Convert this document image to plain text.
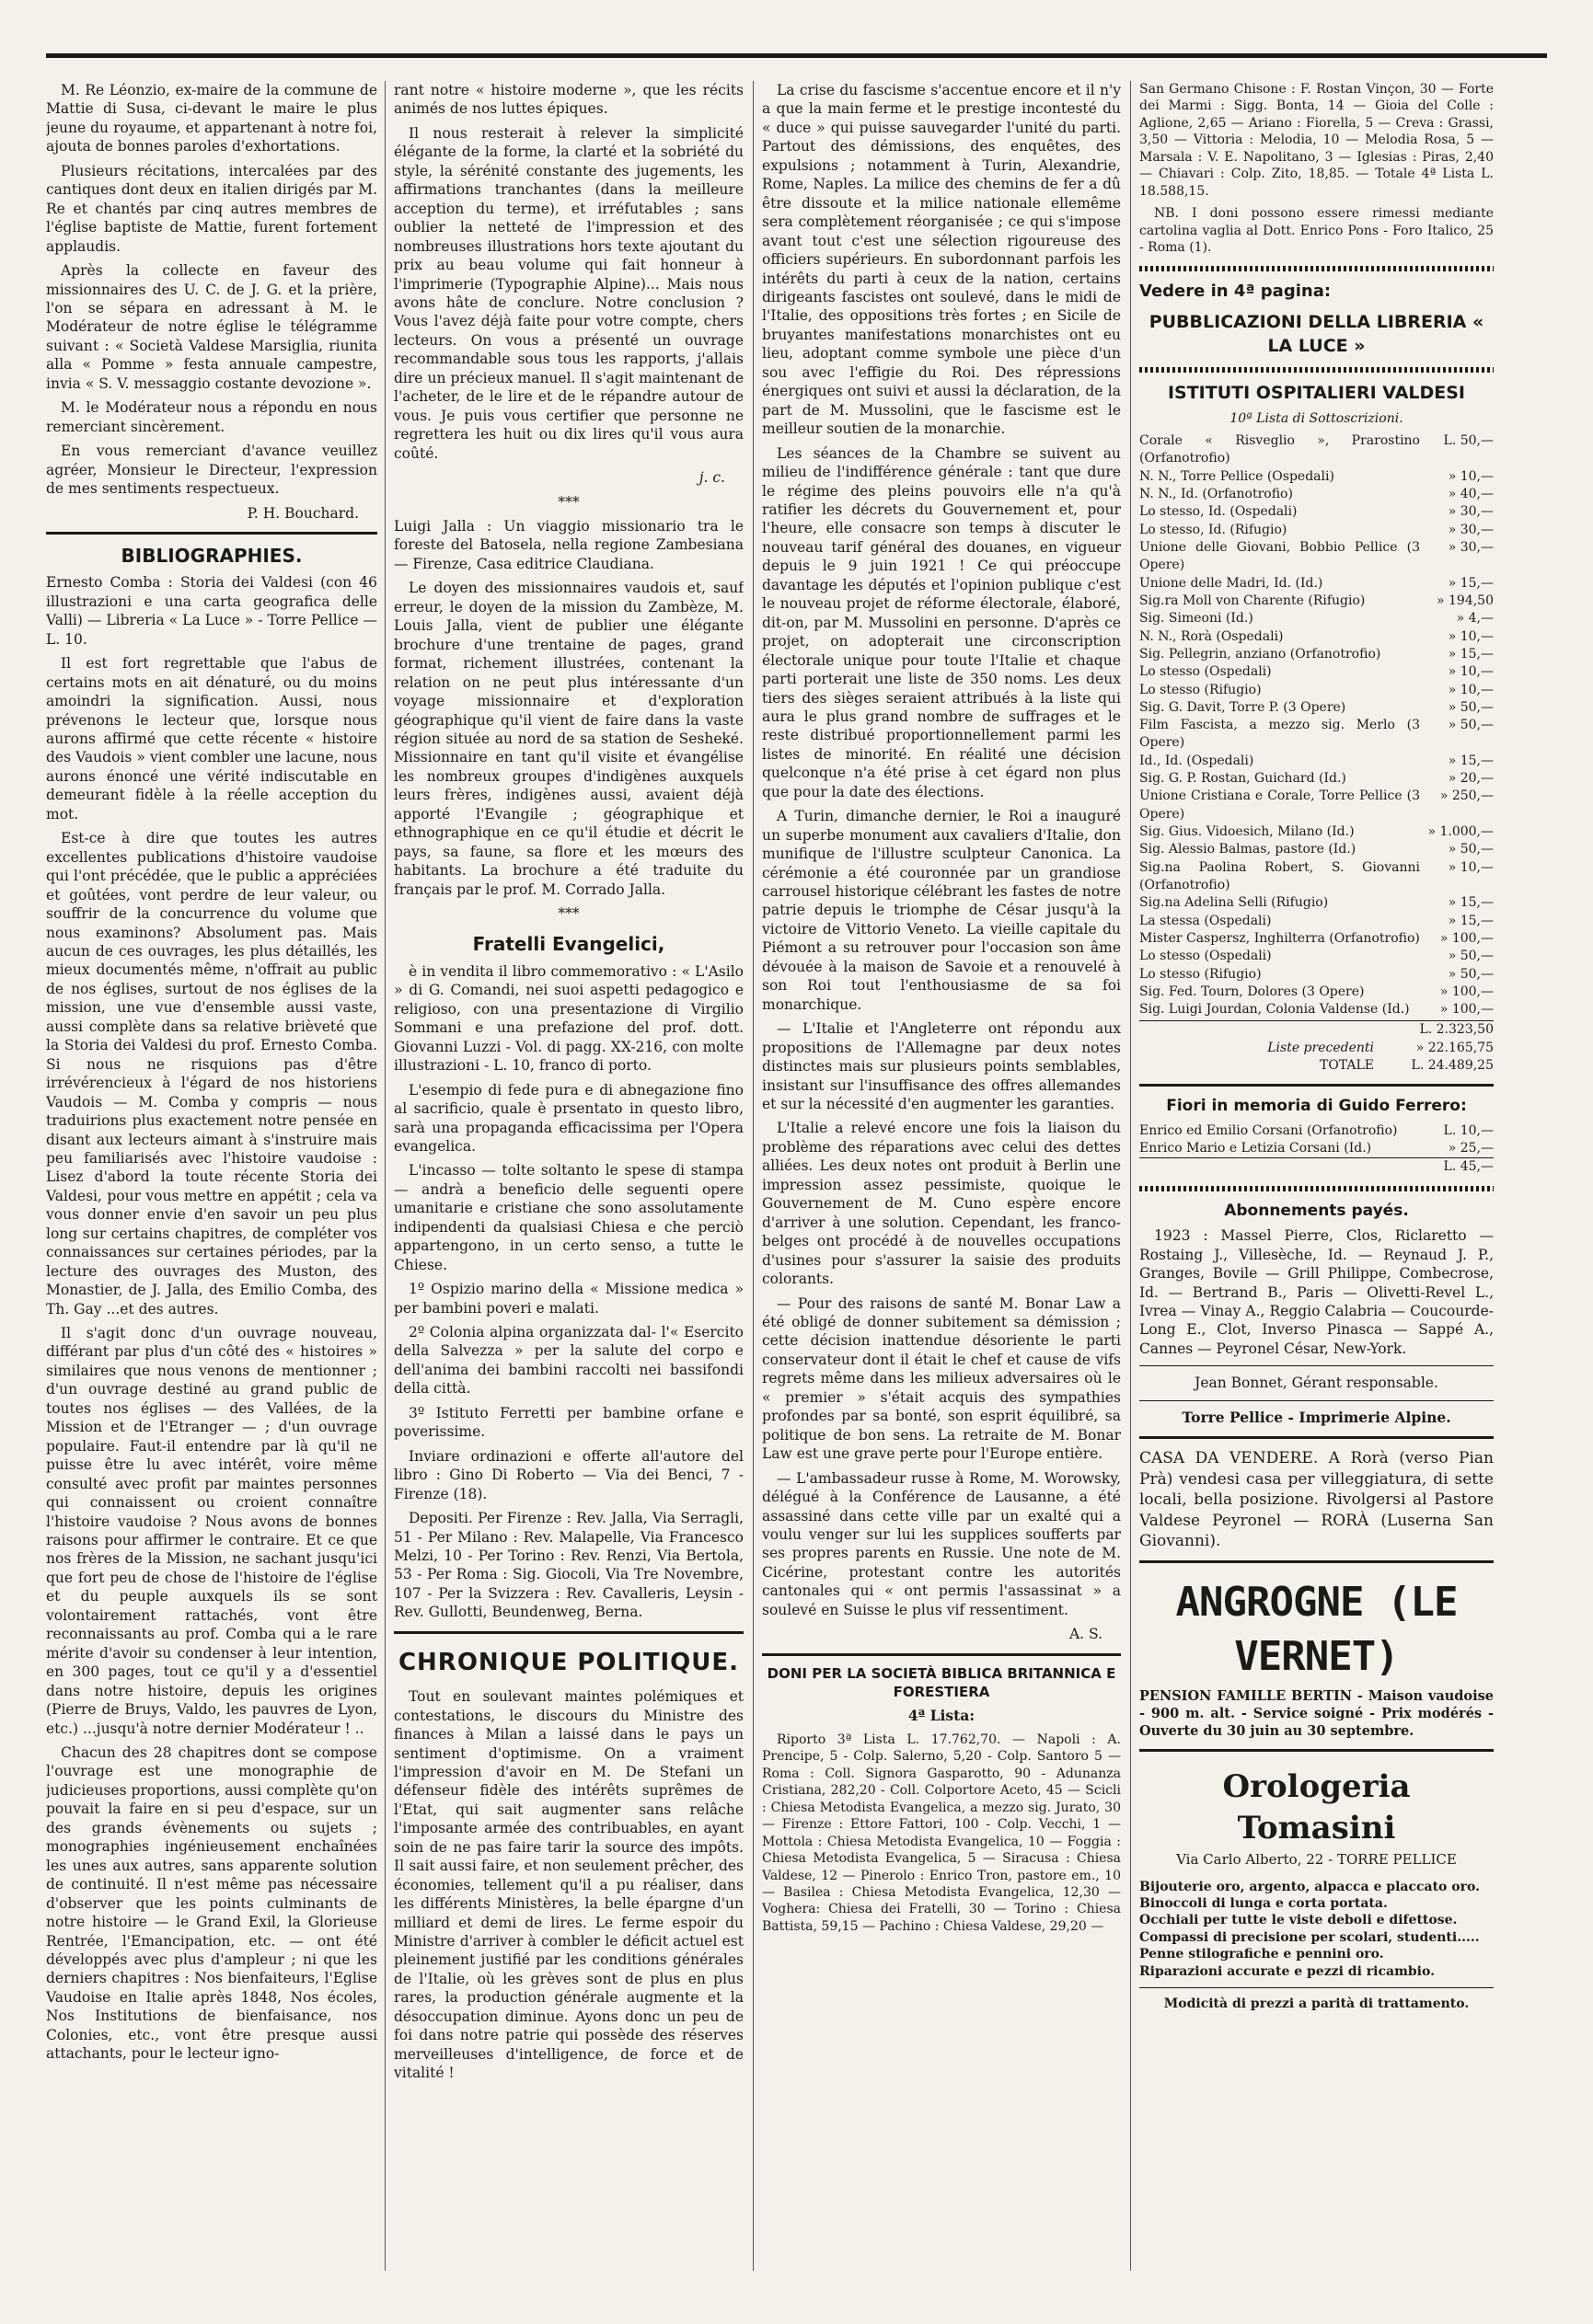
M. Re Léonzio, ex-maire de la commune de Mattie di Susa, ci-devant le maire le plus jeune du royaume, et appartenant à notre foi, ajouta de bonnes paroles d'exhortations.

Plusieurs récitations, intercalées par des cantiques dont deux en italien dirigés par M. Re et chantés par cinq autres membres de l'église baptiste de Mattie, furent fortement applaudis.

Après la collecte en faveur des missionnaires des U. C. de J. G. et la prière, l'on se sépara en adressant à M. le Modérateur de notre église le télégramme suivant : « Società Valdese Marsiglia, riunita alla « Pomme » festa annuale campestre, invia « S. V. messaggio costante devozione ».

M. le Modérateur nous a répondu en nous remerciant sincèrement.

En vous remerciant d'avance veuillez agréer, Monsieur le Directeur, l'expression de mes sentiments respectueux.

P. H. Bouchard.

BIBLIOGRAPHIES.

Ernesto Comba : Storia dei Valdesi (con 46 illustrazioni e una carta geografica delle Valli) — Libreria « La Luce » - Torre Pellice — L. 10.

Il est fort regrettable que l'abus de certains mots en ait dénaturé, ou du moins amoindri la signification. Aussi, nous prévenons le lecteur que, lorsque nous aurons affirmé que cette récente « histoire des Vaudois » vient combler une lacune, nous aurons énoncé une vérité indiscutable en demeurant fidèle à la réelle acception du mot.

Est-ce à dire que toutes les autres excellentes publications d'histoire vaudoise qui l'ont précédée, que le public a appréciées et goûtées, vont perdre de leur valeur, ou souffrir de la concurrence du volume que nous examinons? Absolument pas. Mais aucun de ces ouvrages, les plus détaillés, les mieux documentés même, n'offrait au public de nos églises, surtout de nos églises de la mission, une vue d'ensemble aussi vaste, aussi complète dans sa relative brièveté que la Storia dei Valdesi du prof. Ernesto Comba. Si nous ne risquions pas d'être irrévérencieux à l'égard de nos historiens Vaudois — M. Comba y compris — nous traduirions plus exactement notre pensée en disant aux lecteurs aimant à s'instruire mais peu familiarisés avec l'histoire vaudoise : Lisez d'abord la toute récente Storia dei Valdesi, pour vous mettre en appétit ; cela va vous donner envie d'en savoir un peu plus long sur certains chapitres, de compléter vos connaissances sur certaines périodes, par la lecture des ouvrages des Muston, des Monastier, de J. Jalla, des Emilio Comba, des Th. Gay ...et des autres.

Il s'agit donc d'un ouvrage nouveau, différant par plus d'un côté des « histoires » similaires que nous venons de mentionner ; d'un ouvrage destiné au grand public de toutes nos églises — des Vallées, de la Mission et de l'Etranger — ; d'un ouvrage populaire. Faut-il entendre par là qu'il ne puisse être lu avec intérêt, voire même consulté avec profit par maintes personnes qui connaissent ou croient connaître l'histoire vaudoise ? Nous avons de bonnes raisons pour affirmer le contraire. Et ce que nos frères de la Mission, ne sachant jusqu'ici que fort peu de chose de l'histoire de l'église et du peuple auxquels ils se sont volontairement rattachés, vont être reconnaissants au prof. Comba qui a le rare mérite d'avoir su condenser à leur intention, en 300 pages, tout ce qu'il y a d'essentiel dans notre histoire, depuis les origines (Pierre de Bruys, Valdo, les pauvres de Lyon, etc.) ...jusqu'à notre dernier Modérateur ! ..

Chacun des 28 chapitres dont se compose l'ouvrage est une monographie de judicieuses proportions, aussi complète qu'on pouvait la faire en si peu d'espace, sur un des grands évènements ou sujets ; monographies ingénieusement enchaînées les unes aux autres, sans apparente solution de continuité. Il n'est même pas nécessaire d'observer que les points culminants de notre histoire — le Grand Exil, la Glorieuse Rentrée, l'Emancipation, etc. — ont été développés avec plus d'ampleur ; ni que les derniers chapitres : Nos bienfaiteurs, l'Eglise Vaudoise en Italie après 1848, Nos écoles, Nos Institutions de bienfaisance, nos Colonies, etc., vont être presque aussi attachants, pour le lecteur igno-

rant notre « histoire moderne », que les récits animés de nos luttes épiques.

Il nous resterait à relever la simplicité élégante de la forme, la clarté et la sobriété du style, la sérénité constante des jugements, les affirmations tranchantes (dans la meilleure acception du terme), et irréfutables ; sans oublier la netteté de l'impression et des nombreuses illustrations hors texte ajoutant du prix au beau volume qui fait honneur à l'imprimerie (Typographie Alpine)... Mais nous avons hâte de conclure. Notre conclusion ? Vous l'avez déjà faite pour votre compte, chers lecteurs. On vous a présenté un ouvrage recommandable sous tous les rapports, j'allais dire un précieux manuel. Il s'agit maintenant de l'acheter, de le lire et de le répandre autour de vous. Je puis vous certifier que personne ne regrettera les huit ou dix lires qu'il vous aura coûté.

j. c.

***

Luigi Jalla : Un viaggio missionario tra le foreste del Batosela, nella regione Zambesiana — Firenze, Casa editrice Claudiana.

Le doyen des missionnaires vaudois et, sauf erreur, le doyen de la mission du Zambèze, M. Louis Jalla, vient de publier une élégante brochure d'une trentaine de pages, grand format, richement illustrées, contenant la relation on ne peut plus intéressante d'un voyage missionnaire et d'exploration géographique qu'il vient de faire dans la vaste région située au nord de sa station de Sesheké. Missionnaire en tant qu'il visite et évangélise les nombreux groupes d'indigènes auxquels leurs frères, indigènes aussi, avaient déjà apporté l'Evangile ; géographique et ethnographique en ce qu'il étudie et décrit le pays, sa faune, sa flore et les mœurs des habitants. La brochure a été traduite du français par le prof. M. Corrado Jalla.

***
Fratelli Evangelici,

è in vendita il libro commemorativo : « L'Asilo » di G. Comandi, nei suoi aspetti pedagogico e religioso, con una presentazione di Virgilio Sommani e una prefazione del prof. dott. Giovanni Luzzi - Vol. di pagg. XX-216, con molte illustrazioni - L. 10, franco di porto.

L'esempio di fede pura e di abnegazione fino al sacrificio, quale è prsentato in questo libro, sarà una propaganda efficacissima per l'Opera evangelica.

L'incasso — tolte soltanto le spese di stampa — andrà a beneficio delle seguenti opere umanitarie e cristiane che sono assolutamente indipendenti da qualsiasi Chiesa e che perciò appartengono, in un certo senso, a tutte le Chiese.

1º Ospizio marino della « Missione medica » per bambini poveri e malati.

2º Colonia alpina organizzata dal- l'« Esercito della Salvezza » per la salute del corpo e dell'anima dei bambini raccolti nei bassifondi della città.

3º Istituto Ferretti per bambine orfane e poverissime.

Inviare ordinazioni e offerte all'autore del libro : Gino Di Roberto — Via dei Benci, 7 - Firenze (18).

Depositi. Per Firenze : Rev. Jalla, Via Serragli, 51 - Per Milano : Rev. Malapelle, Via Francesco Melzi, 10 - Per Torino : Rev. Renzi, Via Bertola, 53 - Per Roma : Sig. Giocoli, Via Tre Novembre, 107 - Per la Svizzera : Rev. Cavalleris, Leysin - Rev. Gullotti, Beundenweg, Berna.

CHRONIQUE POLITIQUE.

Tout en soulevant maintes polémiques et contestations, le discours du Ministre des finances à Milan a laissé dans le pays un sentiment d'optimisme. On a vraiment l'impression d'avoir en M. De Stefani un défenseur fidèle des intérêts suprêmes de l'Etat, qui sait augmenter sans relâche l'imposante armée des contribuables, en ayant soin de ne pas faire tarir la source des impôts. Il sait aussi faire, et non seulement prêcher, des économies, tellement qu'il a pu réaliser, dans les différents Ministères, la belle épargne d'un milliard et demi de lires. Le ferme espoir du Ministre d'arriver à combler le déficit actuel est pleinement justifié par les conditions générales de l'Italie, où les grèves sont de plus en plus rares, la production générale augmente et la désoccupation diminue. Ayons donc un peu de foi dans notre patrie qui possède des réserves merveilleuses d'intelligence, de force et de vitalité !

La crise du fascisme s'accentue encore et il n'y a que la main ferme et le prestige incontesté du « duce » qui puisse sauvegarder l'unité du parti. Partout des démissions, des enquêtes, des expulsions ; notamment à Turin, Alexandrie, Rome, Naples. La milice des chemins de fer a dû être dissoute et la milice nationale ellemême sera complètement réorganisée ; ce qui s'impose avant tout c'est une sélection rigoureuse des officiers supérieurs. En subordonnant parfois les intérêts du parti à ceux de la nation, certains dirigeants fascistes ont soulevé, dans le midi de l'Italie, des oppositions très fortes ; en Sicile de bruyantes manifestations monarchistes ont eu lieu, adoptant comme symbole une pièce d'un sou avec l'effigie du Roi. Des répressions énergiques ont suivi et aussi la déclaration, de la part de M. Mussolini, que le fascisme est le meilleur soutien de la monarchie.

Les séances de la Chambre se suivent au milieu de l'indifférence générale : tant que dure le régime des pleins pouvoirs elle n'a qu'à ratifier les décrets du Gouvernement et, pour l'heure, elle consacre son temps à discuter le nouveau tarif général des douanes, en vigueur depuis le 9 juin 1921 ! Ce qui préoccupe davantage les députés et l'opinion publique c'est le nouveau projet de réforme électorale, élaboré, dit-on, par M. Mussolini en personne. D'après ce projet, on adopterait une circonscription électorale unique pour toute l'Italie et chaque parti porterait une liste de 350 noms. Les deux tiers des sièges seraient attribués à la liste qui aura le plus grand nombre de suffrages et le reste distribué proportionnellement parmi les listes de minorité. En réalité une décision quelconque n'a été prise à cet égard non plus que pour la date des élections.

A Turin, dimanche dernier, le Roi a inauguré un superbe monument aux cavaliers d'Italie, don munifique de l'illustre sculpteur Canonica. La cérémonie a été couronnée par un grandiose carrousel historique célébrant les fastes de notre patrie depuis le triomphe de César jusqu'à la victoire de Vittorio Veneto. La vieille capitale du Piémont a su retrouver pour l'occasion son âme dévouée à la maison de Savoie et a renouvelé à son Roi tout l'enthousiasme de sa foi monarchique.

— L'Italie et l'Angleterre ont répondu aux propositions de l'Allemagne par deux notes distinctes mais sur plusieurs points semblables, insistant sur l'insuffisance des offres allemandes et sur la nécessité d'en augmenter les garanties.

L'Italie a relevé encore une fois la liaison du problème des réparations avec celui des dettes alliées. Les deux notes ont produit à Berlin une impression assez pessimiste, quoique le Gouvernement de M. Cuno espère encore d'arriver à une solution. Cependant, les franco-belges ont procédé à de nouvelles occupations d'usines pour s'assurer la saisie des produits colorants.

— Pour des raisons de santé M. Bonar Law a été obligé de donner subitement sa démission ; cette décision inattendue désoriente le parti conservateur dont il était le chef et cause de vifs regrets même dans les milieux adversaires où le « premier » s'était acquis des sympathies profondes par sa bonté, son esprit équilibré, sa politique de bon sens. La retraite de M. Bonar Law est une grave perte pour l'Europe entière.

— L'ambassadeur russe à Rome, M. Worowsky, délégué à la Conférence de Lausanne, a été assassiné dans cette ville par un exalté qui a voulu venger sur lui les supplices soufferts par ses propres parents en Russie. Une note de M. Cicérine, protestant contre les autorités cantonales qui « ont permis l'assassinat » a soulevé en Suisse le plus vif ressentiment.

A. S.

DONI PER LA SOCIETÀ BIBLICA BRITANNICA E FORESTIERA
4ª Lista:

Riporto 3ª Lista L. 17.762,70. — Napoli : A. Prencipe, 5 - Colp. Salerno, 5,20 - Colp. Santoro 5 — Roma : Coll. Signora Gasparotto, 90 - Adunanza Cristiana, 282,20 - Coll. Colportore Aceto, 45 — Scicli : Chiesa Metodista Evangelica, a mezzo sig. Jurato, 30 — Firenze : Ettore Fattori, 100 - Colp. Vecchi, 1 — Mottola : Chiesa Metodista Evangelica, 10 — Foggia : Chiesa Metodista Evangelica, 5 — Siracusa : Chiesa Valdese, 12 — Pinerolo : Enrico Tron, pastore em., 10 — Basilea : Chiesa Metodista Evangelica, 12,30 — Voghera: Chiesa dei Fratelli, 30 — Torino : Chiesa Battista, 59,15 — Pachino : Chiesa Valdese, 29,20 —

San Germano Chisone : F. Rostan Vinçon, 30 — Forte dei Marmi : Sigg. Bonta, 14 — Gioia del Colle : Aglione, 2,65 — Ariano : Fiorella, 5 — Creva : Grassi, 3,50 — Vittoria : Melodia, 10 — Melodia Rosa, 5 — Marsala : V. E. Napolitano, 3 — Iglesias : Piras, 2,40 — Chiavari : Colp. Zito, 18,85. — Totale 4ª Lista L. 18.588,15.

NB. I doni possono essere rimessi mediante cartolina vaglia al Dott. Enrico Pons - Foro Italico, 25 - Roma (1).

Vedere in 4ª pagina:
PUBBLICAZIONI DELLA LIBRERIA « LA LUCE »
ISTITUTI OSPITALIERI VALDESI
10ª Lista di Sottoscrizioni.
Corale « Risveglio », Prarostino (Orfanotrofio)
L. 50,—
N. N., Torre Pellice (Ospedali)	» 10,—
N. N., Id. (Orfanotrofio)	» 40,—
Lo stesso, Id. (Ospedali)	» 30,—
Lo stesso, Id. (Rifugio)	» 30,—
Unione delle Giovani, Bobbio Pellice (3 Opere)
» 30,—
Unione delle Madri, Id. (Id.)	» 15,—
Sig.ra Moll von Charente (Rifugio)	» 194,50
Sig. Simeoni (Id.)	» 4,—
N. N., Rorà (Ospedali)	» 10,—
Sig. Pellegrin, anziano (Orfanotrofio)	» 15,—
Lo stesso (Ospedali)	» 10,—
Lo stesso (Rifugio)	» 10,—
Sig. G. Davit, Torre P. (3 Opere)	» 50,—
Film Fascista, a mezzo sig. Merlo (3 Opere)
» 50,—
Id., Id. (Ospedali)	» 15,—
Sig. G. P. Rostan, Guichard (Id.)	» 20,—
Unione Cristiana e Corale, Torre Pellice (3 Opere)
» 250,—
Sig. Gius. Vidoesich, Milano (Id.)	» 1.000,—
Sig. Alessio Balmas, pastore (Id.)	» 50,—
Sig.na Paolina Robert, S. Giovanni (Orfanotrofio)
» 10,—
Sig.na Adelina Selli (Rifugio)	» 15,—
La stessa (Ospedali)	» 15,—
Mister Caspersz, Inghilterra (Orfanotrofio)	» 100,—
Lo stesso (Ospedali)	» 50,—
Lo stesso (Rifugio)	» 50,—
Sig. Fed. Tourn, Dolores (3 Opere)	» 100,—
Sig. Luigi Jourdan, Colonia Valdense (Id.)	» 100,—
L. 2.323,50
Liste precedenti	» 22.165,75
TOTALE	L. 24.489,25
Fiori in memoria di Guido Ferrero:
Enrico ed Emilio Corsani (Orfanotrofio)	L. 10,—
Enrico Mario e Letizia Corsani (Id.)	» 25,—
L. 45,—
Abonnements payés.

1923 : Massel Pierre, Clos, Riclaretto — Rostaing J., Villesèche, Id. — Reynaud J. P., Granges, Bovile — Grill Philippe, Combecrose, Id. — Bertrand B., Paris — Olivetti-Revel L., Ivrea — Vinay A., Reggio Calabria — Coucourde-Long E., Clot, Inverso Pinasca — Sappé A., Cannes — Peyronel César, New-York.

Jean Bonnet, Gérant responsable.
Torre Pellice - Imprimerie Alpine.

CASA DA VENDERE. A Rorà (verso Pian Prà) vendesi casa per villeggiatura, di sette locali, bella posizione. Rivolgersi al Pastore Valdese Peyronel — RORÀ (Luserna San Giovanni).

ANGROGNE (LE VERNET)

PENSION FAMILLE BERTIN - Maison vaudoise - 900 m. alt. - Service soigné - Prix modérés - Ouverte du 30 juin au 30 septembre.

Orologeria Tomasini
Via Carlo Alberto, 22 - TORRE PELLICE
Bijouterie oro, argento, alpacca e placcato oro.
Binoccoli di lunga e corta portata.
Occhiali per tutte le viste deboli e difettose.
Compassi di precisione per scolari, studenti.....
Penne stilografiche e pennini oro.
Riparazioni accurate e pezzi di ricambio.
Modicità di prezzi a parità di trattamento.
